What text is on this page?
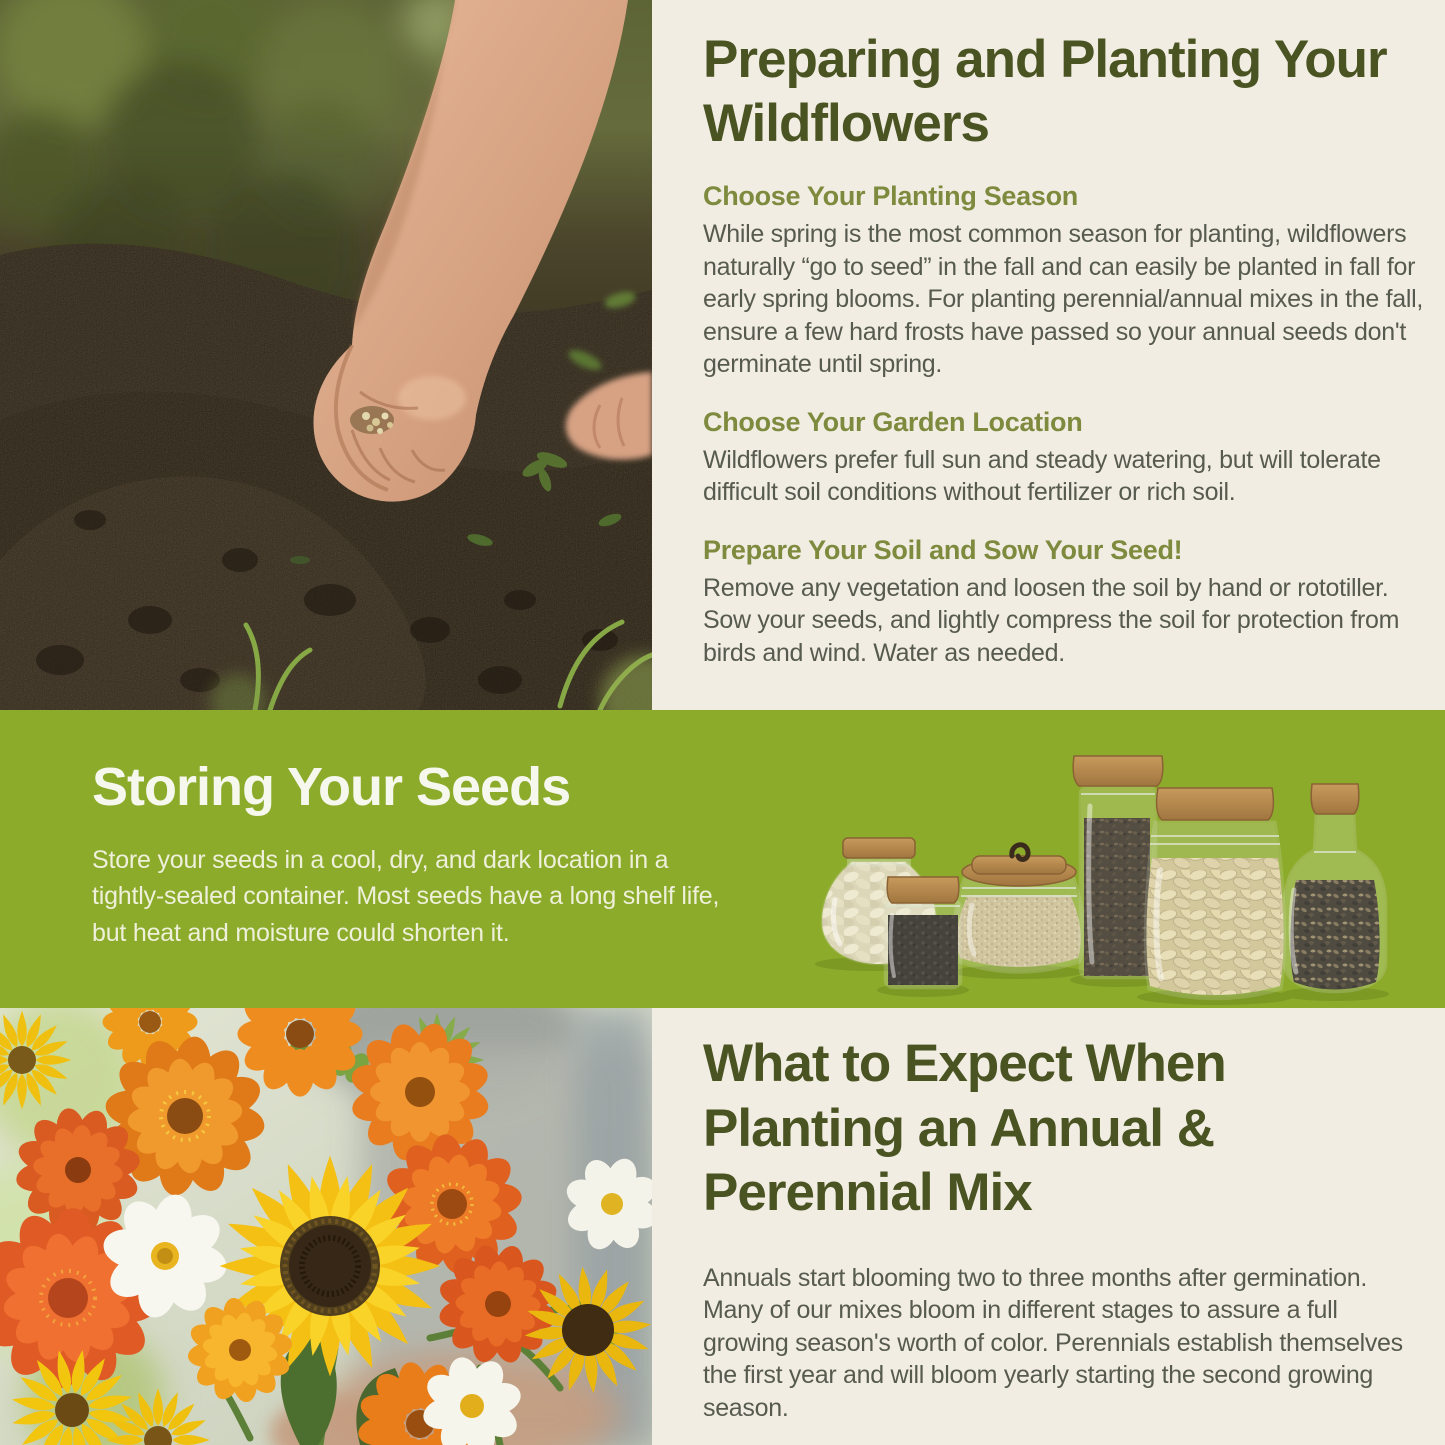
Preparing and Planting Your Wildflowers
Choose Your Planting Season

While spring is the most common season for planting, wildflowers naturally “go to seed” in the fall and can easily be planted in fall for early spring blooms. For planting perennial/annual mixes in the fall, ensure a few hard frosts have passed so your annual seeds don't germinate until spring.

Choose Your Garden Location

Wildflowers prefer full sun and steady watering, but will tolerate difficult soil conditions without fertilizer or rich soil.

Prepare Your Soil and Sow Your Seed!

Remove any vegetation and loosen the soil by hand or rototiller. Sow your seeds, and lightly compress the soil for protection from birds and wind. Water as needed.

Storing Your Seeds

Store your seeds in a cool, dry, and dark location in a tightly-sealed container. Most seeds have a long shelf life, but heat and moisture could shorten it.

What to Expect When Planting an Annual & Perennial Mix

Annuals start blooming two to three months after germination. Many of our mixes bloom in different stages to assure a full growing season's worth of color. Perennials establish themselves the first year and will bloom yearly starting the second growing season.
